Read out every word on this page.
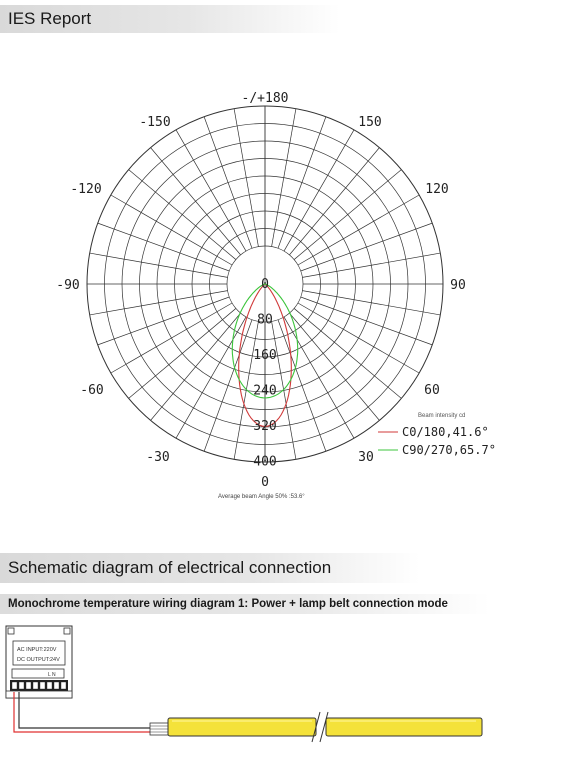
IES Report
-/+180
-150	150
-120	120
-90	90
-60	60
-30	30
0
0
80
160
240
320
400
Beam intensity cd
C0/180,41.6°
C90/270,65.7°
Average beam Angle 50% :53.6°
Schematic diagram of electrical connection
Monochrome temperature wiring diagram 1: Power + lamp belt connection mode
AC INPUT:220V
DC OUTPUT:24V
L N
